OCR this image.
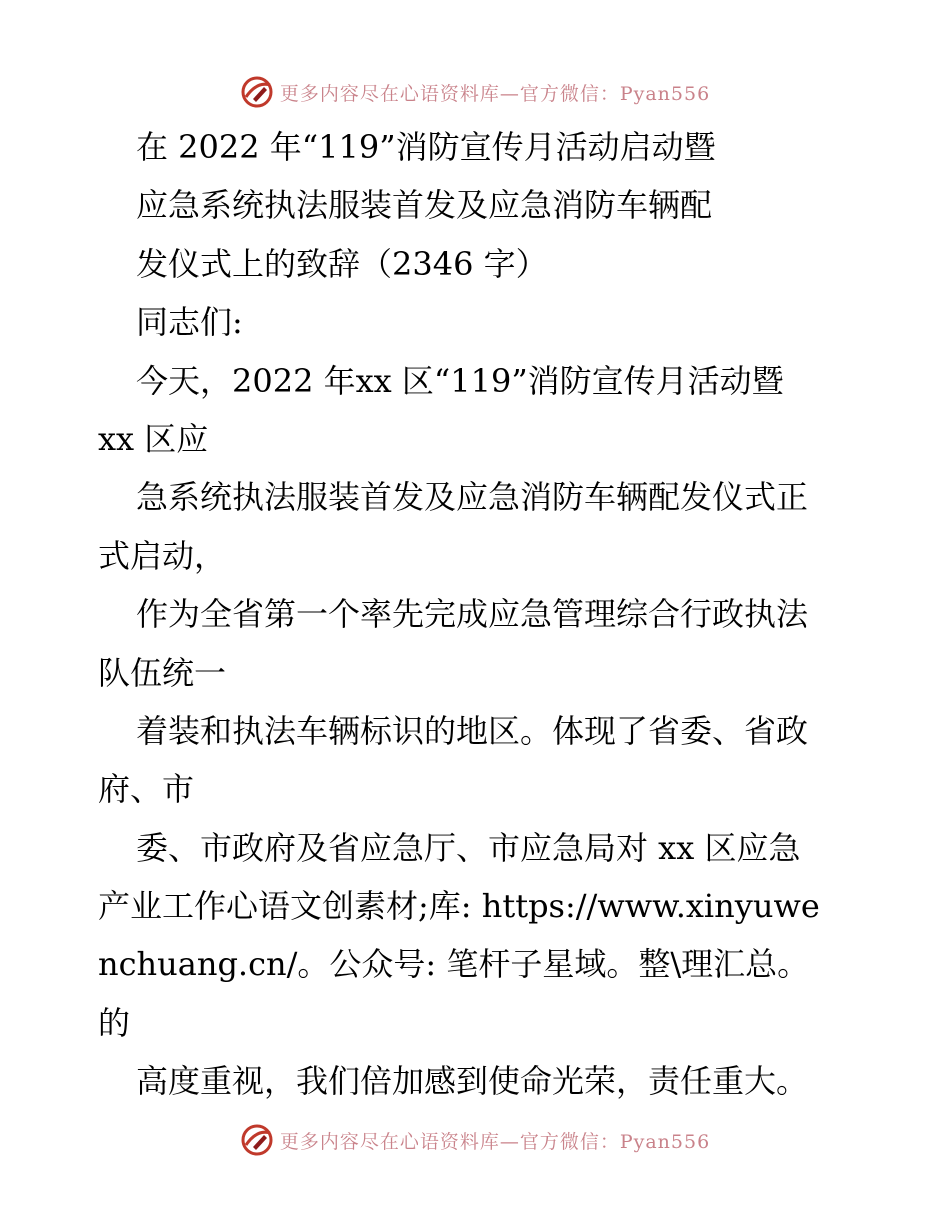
更多内容尽在心语资料库—官方微信：Pyan556
在 2022 年“119”消防宣传月活动启动暨
应急系统执法服装首发及应急消防车辆配
发仪式上的致辞（2346 字）
同志们:
今天，2022 年xx 区“119”消防宣传月活动暨
xx 区应
急系统执法服装首发及应急消防车辆配发仪式正
式启动，
作为全省第一个率先完成应急管理综合行政执法
队伍统一
着装和执法车辆标识的地区。体现了省委、省政
府、市
委、市政府及省应急厅、市应急局对 xx 区应急
产业工作心语文创素材;库: https://www.xinyuwe
nchuang.cn/。公众号: 笔杆子星域。整\理汇总。
的
高度重视，我们倍加感到使命光荣，责任重大。
更多内容尽在心语资料库—官方微信：Pyan556
